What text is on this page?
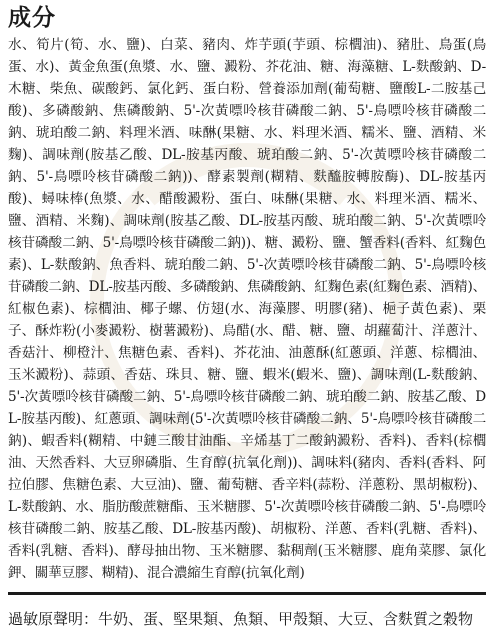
成分

水、筍片(筍、水、鹽)、白菜、豬肉、炸芋頭(芋頭、棕櫚油)、豬肚、鳥蛋(鳥蛋、水)、黃金魚蛋(魚漿、水、鹽、澱粉、芥花油、糖、海藻糖、L-麩酸鈉、D-木糖、柴魚、碳酸鈣、氯化鈣、蛋白粉、營養添加劑(葡萄糖、鹽酸L-二胺基己酸)、多磷酸鈉、焦磷酸鈉、5'-次黃嘌呤核苷磷酸二鈉、5'-鳥嘌呤核苷磷酸二鈉、琥珀酸二鈉、料理米酒、味醂(果糖、水、料理米酒、糯米、鹽、酒精、米麴)、調味劑(胺基乙酸、DL-胺基丙酸、琥珀酸二鈉、5'-次黃嘌呤核苷磷酸二鈉、5'-鳥嘌呤核苷磷酸二鈉))、酵素製劑(糊精、麩醯胺轉胺酶)、DL-胺基丙酸)、蟳味棒(魚漿、水、醋酸澱粉、蛋白、味醂(果糖、水、料理米酒、糯米、鹽、酒精、米麴)、調味劑(胺基乙酸、DL-胺基丙酸、琥珀酸二鈉、5'-次黃嘌呤核苷磷酸二鈉、5'-鳥嘌呤核苷磷酸二鈉))、糖、澱粉、鹽、蟹香料(香料、紅麴色素)、L-麩酸鈉、魚香料、琥珀酸二鈉、5'-次黃嘌呤核苷磷酸二鈉、5'-鳥嘌呤核苷磷酸二鈉、DL-胺基丙酸、多磷酸鈉、焦磷酸鈉、紅麴色素(紅麴色素、酒精)、紅椒色素)、棕櫚油、椰子螺、仿翅(水、海藻膠、明膠(豬)、梔子黃色素)、栗子、酥炸粉(小麥澱粉、樹薯澱粉)、烏醋(水、醋、糖、鹽、胡蘿蔔汁、洋蔥汁、香菇汁、柳橙汁、焦糖色素、香料)、芥花油、油蔥酥(紅蔥頭、洋蔥、棕櫚油、玉米澱粉)、蒜頭、香菇、珠貝、糖、鹽、蝦米(蝦米、鹽)、調味劑(L-麩酸鈉、5'-次黃嘌呤核苷磷酸二鈉、5'-鳥嘌呤核苷磷酸二鈉、琥珀酸二鈉、胺基乙酸、DL-胺基丙酸)、紅蔥頭、調味劑(5'-次黃嘌呤核苷磷酸二鈉、5'-鳥嘌呤核苷磷酸二鈉)、蝦香料(糊精、中鏈三酸甘油酯、辛烯基丁二酸鈉澱粉、香料)、香料(棕櫚油、天然香料、大豆卵磷脂、生育醇(抗氧化劑))、調味料(豬肉、香料(香料、阿拉伯膠、焦糖色素、大豆油)、鹽、葡萄糖、香辛料(蒜粉、洋蔥粉、黑胡椒粉)、L-麩酸鈉、水、脂肪酸蔗糖酯、玉米糖膠、5'-次黃嘌呤核苷磷酸二鈉、5'-鳥嘌呤核苷磷酸二鈉、胺基乙酸、DL-胺基丙酸)、胡椒粉、洋蔥、香料(乳糖、香料)、香料(乳糖、香料)、酵母抽出物、玉米糖膠、黏稠劑(玉米糖膠、鹿角菜膠、氯化鉀、關華豆膠、糊精)、混合濃縮生育醇(抗氧化劑)

過敏原聲明： 牛奶、蛋、堅果類、魚類、甲殼類、大豆、含麩質之穀物
